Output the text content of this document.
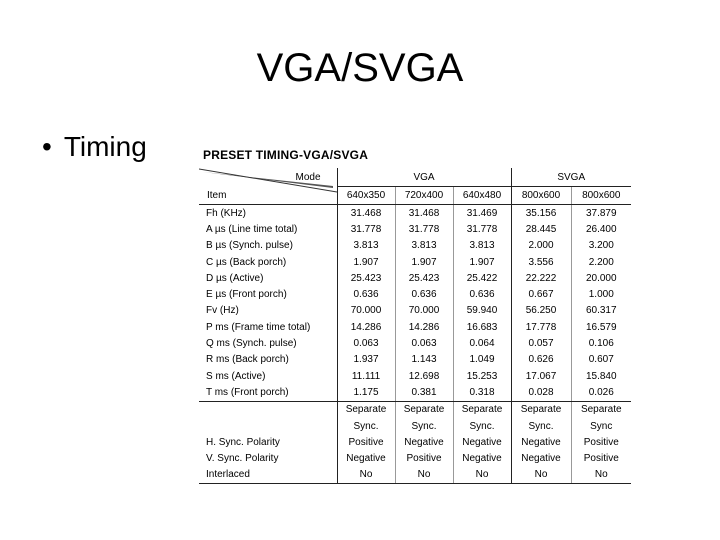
VGA/SVGA
• Timing	PRESET TIMING-VGA/SVGA
Mode
Item	VGA			SVGA	
	640x350	720x400	640x480	800x600	800x600
Fh (KHz)	31.468	31.468	31.469	35.156	37.879
A µs (Line time total)	31.778	31.778	31.778	28.445	26.400
B µs (Synch. pulse)	3.813	3.813	3.813	2.000	3.200
C µs (Back porch)	1.907	1.907	1.907	3.556	2.200
D µs (Active)	25.423	25.423	25.422	22.222	20.000
E µs (Front porch)	0.636	0.636	0.636	0.667	1.000
Fv (Hz)	70.000	70.000	59.940	56.250	60.317
P ms (Frame time total)	14.286	14.286	16.683	17.778	16.579
Q ms (Synch. pulse)	0.063	0.063	0.064	0.057	0.106
R ms (Back porch)	1.937	1.143	1.049	0.626	0.607
S ms (Active)	11.111	12.698	15.253	17.067	15.840
T ms (Front porch)	1.175	0.381	0.318	0.028	0.026
	Separate	Separate	Separate	Separate	Separate
	Sync.	Sync.	Sync.	Sync.	Sync
H. Sync. Polarity	Positive	Negative	Negative	Negative	Positive
V. Sync. Polarity	Negative	Positive	Negative	Negative	Positive
Interlaced	No	No	No	No	No
